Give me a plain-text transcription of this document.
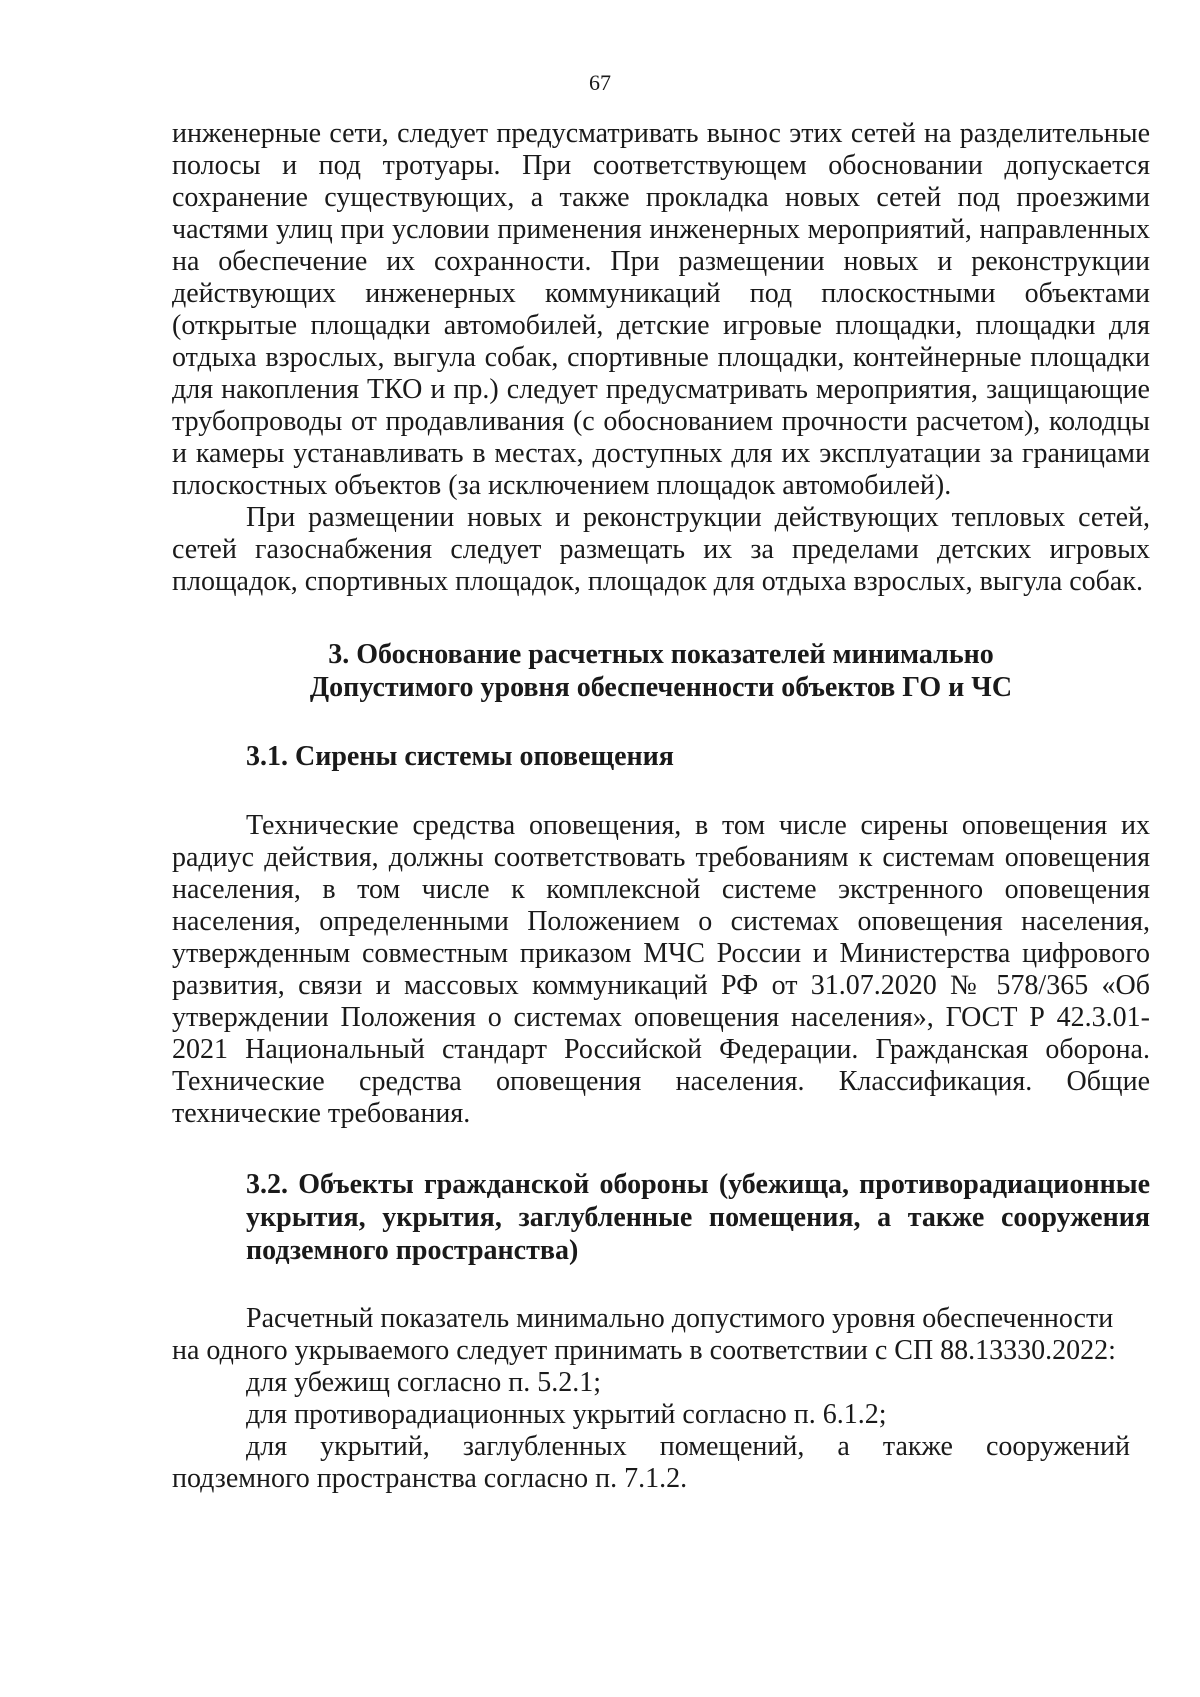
67

инженерные сети, следует предусматривать вынос этих сетей на разделительные полосы и под тротуары. При соответствующем обосновании допускается сохранение существующих, а также прокладка новых сетей под проезжими частями улиц при условии применения инженерных мероприятий, направленных на обеспечение их сохранности. При размещении новых и реконструкции действующих инженерных коммуникаций под плоскостными объектами (открытые площадки автомобилей, детские игровые площадки, площадки для отдыха взрослых, выгула собак, спортивные площадки, контейнерные площадки для накопления ТКО и пр.) следует предусматривать мероприятия, защищающие трубопроводы от продавливания (с обоснованием прочности расчетом), колодцы и камеры устанавливать в местах, доступных для их эксплуатации за границами плоскостных объектов (за исключением площадок автомобилей).

При размещении новых и реконструкции действующих тепловых сетей, сетей газоснабжения следует размещать их за пределами детских игровых площадок, спортивных площадок, площадок для отдыха взрослых, выгула собак.

3. Обоснование расчетных показателей минимально
Допустимого уровня обеспеченности объектов ГО и ЧС
3.1. Сирены системы оповещения

Технические средства оповещения, в том числе сирены оповещения их радиус действия, должны соответствовать требованиям к системам оповещения населения, в том числе к комплексной системе экстренного оповещения населения, определенными Положением о системах оповещения населения, утвержденным совместным приказом МЧС России и Министерства цифрового развития, связи и массовых коммуникаций РФ от 31.07.2020 № 578/365 «Об утверждении Положения о системах оповещения населения», ГОСТ Р 42.3.01-2021 Национальный стандарт Российской Федерации. Гражданская оборона. Технические средства оповещения населения. Классификация. Общие технические требования.

3.2. Объекты гражданской обороны (убежища, противорадиационные укрытия, укрытия, заглубленные помещения, а также сооружения подземного пространства)

Расчетный показатель минимально допустимого уровня обеспеченности

на одного укрываемого следует принимать в соответствии с СП 88.13330.2022:

для убежищ согласно п. 5.2.1;

для противорадиационных укрытий согласно п. 6.1.2;

для укрытий, заглубленных помещений, а также сооружений

подземного пространства согласно п. 7.1.2.
